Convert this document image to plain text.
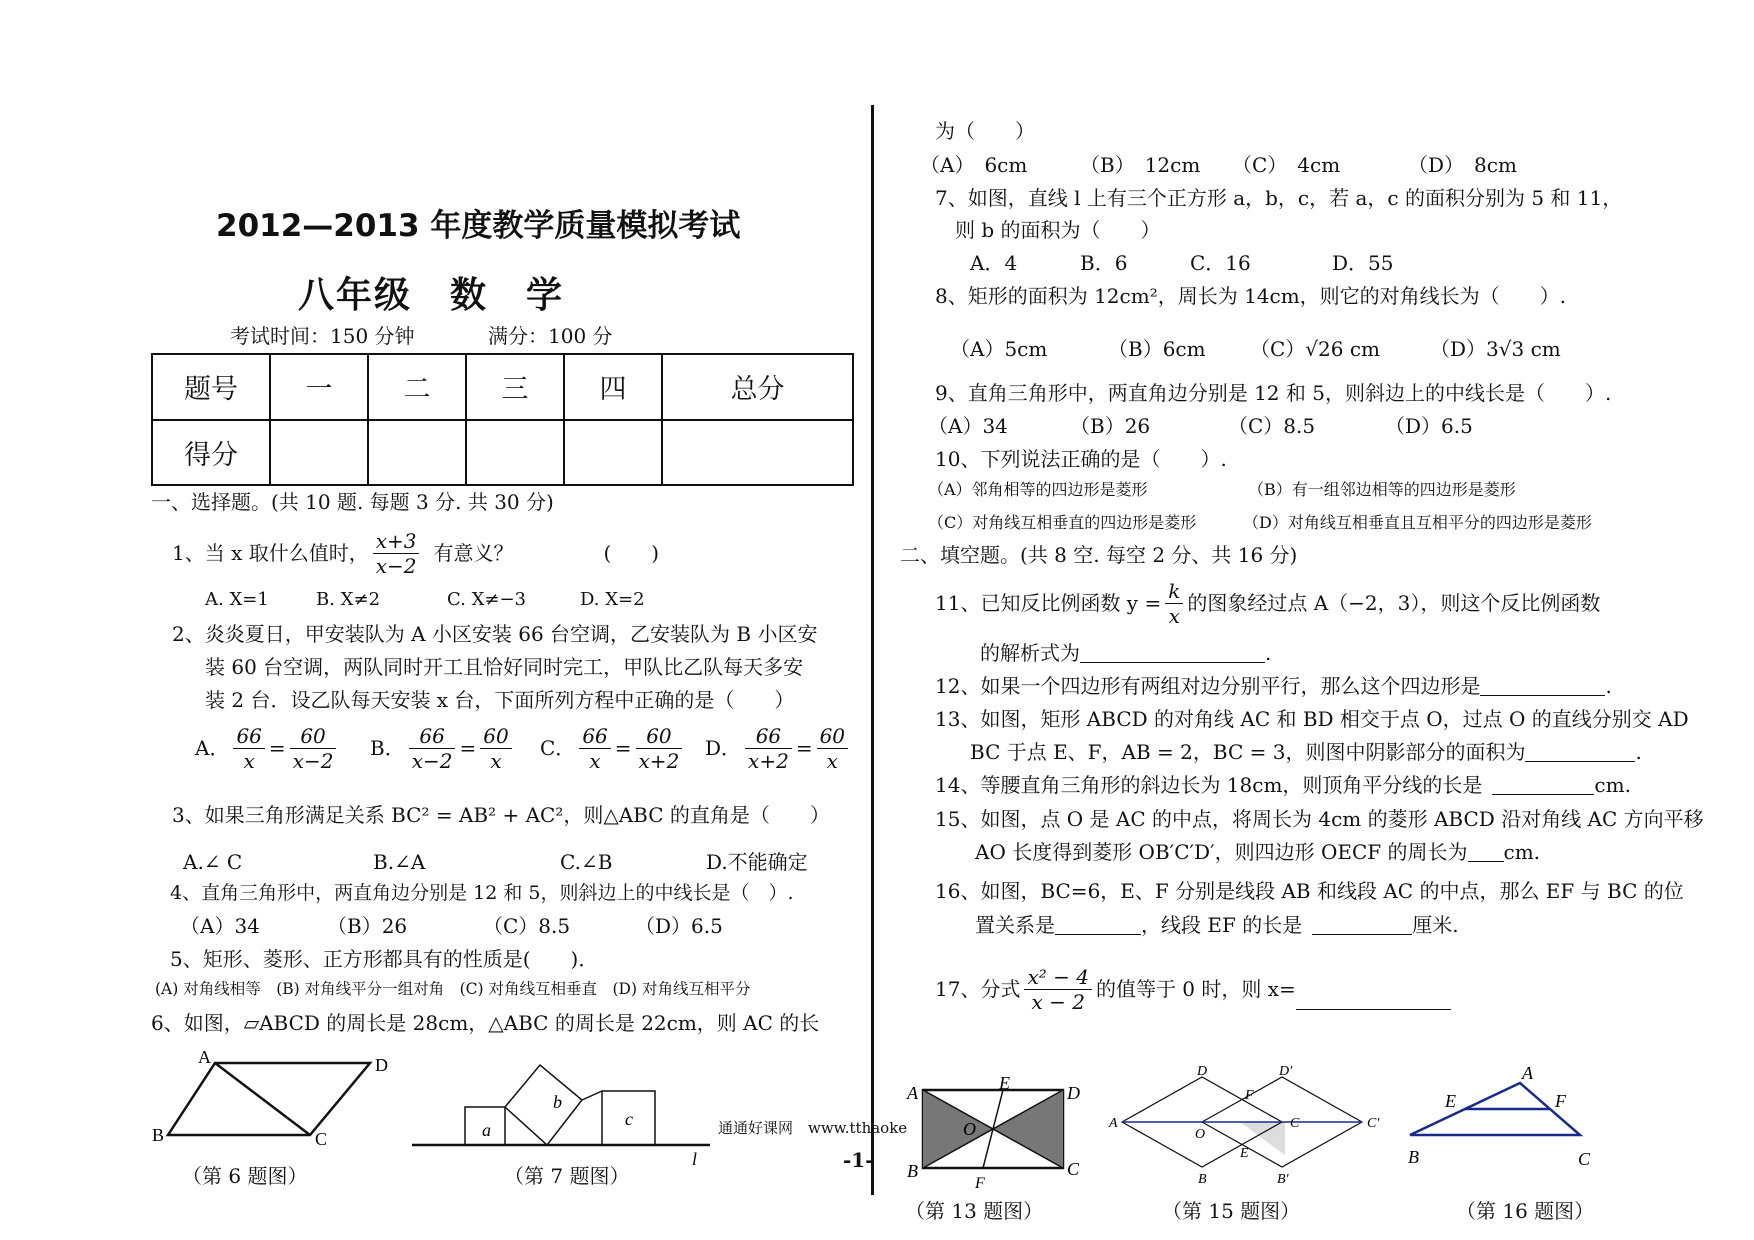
2012—2013 年度教学质量模拟考试
八年级　数　学
考试时间：150 分钟	满分：100 分
题号	一	二	三	四	总分
得分					
一、选择题。(共 10 题. 每题 3 分. 共 30 分)
1、当 x 取什么值时， $\frac{x+3}{x-2}$ 有意义？	(　　)
A. X=1	B. X≠2	C. X≠−3	D. X=2
2、炎炎夏日，甲安装队为 A 小区安装 66 台空调，乙安装队为 B 小区安
装 60 台空调，两队同时开工且恰好同时完工，甲队比乙队每天多安
装 2 台．设乙队每天安装 x 台，下面所列方程中正确的是（　　）
A． $\frac{66}{x} = \frac{60}{x-2}$ B． $\frac{66}{x-2} = \frac{60}{x}$ C． $\frac{66}{x} = \frac{60}{x+2}$ D． $\frac{66}{x+2} = \frac{60}{x}$
3、如果三角形满足关系 BC² = AB² + AC²，则△ABC 的直角是（　　）
A.∠ C	B.∠A	C.∠B	D.不能确定
4、直角三角形中，两直角边分别是 12 和 5，则斜边上的中线长是（　）.
（A）34	（B）26	（C）8.5	（D）6.5
5、矩形、菱形、正方形都具有的性质是(　　)．
(A) 对角线相等　(B) 对角线平分一组对角　(C) 对角线互相垂直　(D) 对角线互相平分
6、如图，▱ABCD 的周长是 28cm，△ABC 的周长是 22cm，则 AC 的长
A	D
B	C
（第 6 题图）
a
b
c
l
（第 7 题图）
为（　　）
（A）　6cm	（B）　12cm （C）　4cm	（D）　8cm
7、如图，直线 l 上有三个正方形 a，b，c，若 a，c 的面积分别为 5 和 11，
则 b 的面积为（　　）
A．4	B．6	C．16	D．55
8、矩形的面积为 12cm²，周长为 14cm，则它的对角线长为（　　）.
（A）5cm	（B）6cm （C）√26 cm （D）3√3 cm
9、直角三角形中，两直角边分别是 12 和 5，则斜边上的中线长是（　　）.
（A）34	（B）26	（C）8.5	（D）6.5
10、下列说法正确的是（　　）.
（A）邻角相等的四边形是菱形	（B）有一组邻边相等的四边形是菱形
（C）对角线互相垂直的四边形是菱形	（D）对角线互相垂直且互相平分的四边形是菱形
二、填空题。(共 8 空. 每空 2 分、共 16 分)
11、已知反比例函数 $y = \frac{k}{x}$ 的图象经过点 A（−2，3），则这个反比例函数
的解析式为	.
12、如果一个四边形有两组对边分别平行，那么这个四边形是	.
13、如图，矩形 ABCD 的对角线 AC 和 BD 相交于点 O，过点 O 的直线分别交 AD
BC 于点 E、F，AB = 2，BC = 3，则图中阴影部分的面积为	.
14、等腰直角三角形的斜边长为 18cm，则顶角平分线的长是	cm.
15、如图，点 O 是 AC 的中点，将周长为 4cm 的菱形 ABCD 沿对角线 AC 方向平移
AO 长度得到菱形 OB′C′D′，则四边形 OECF 的周长为 cm.
16、如图，BC=6，E、F 分别是线段 AB 和线段 AC 的中点，那么 EF 与 BC 的位
置关系是	，线段 EF 的长是	厘米.
17、分式 $\frac{\text{x² − 4}}{x - 2}$ 的值等于 0 时，则 x=
A	E	D
O
B
F
C
（第 13 题图）
A
D
F
D′
O
C	C′
E
B	B′
（第 15 题图）
A
E	F
B	C
（第 16 题图）
通通好课网　www.tthaoke
-1-
